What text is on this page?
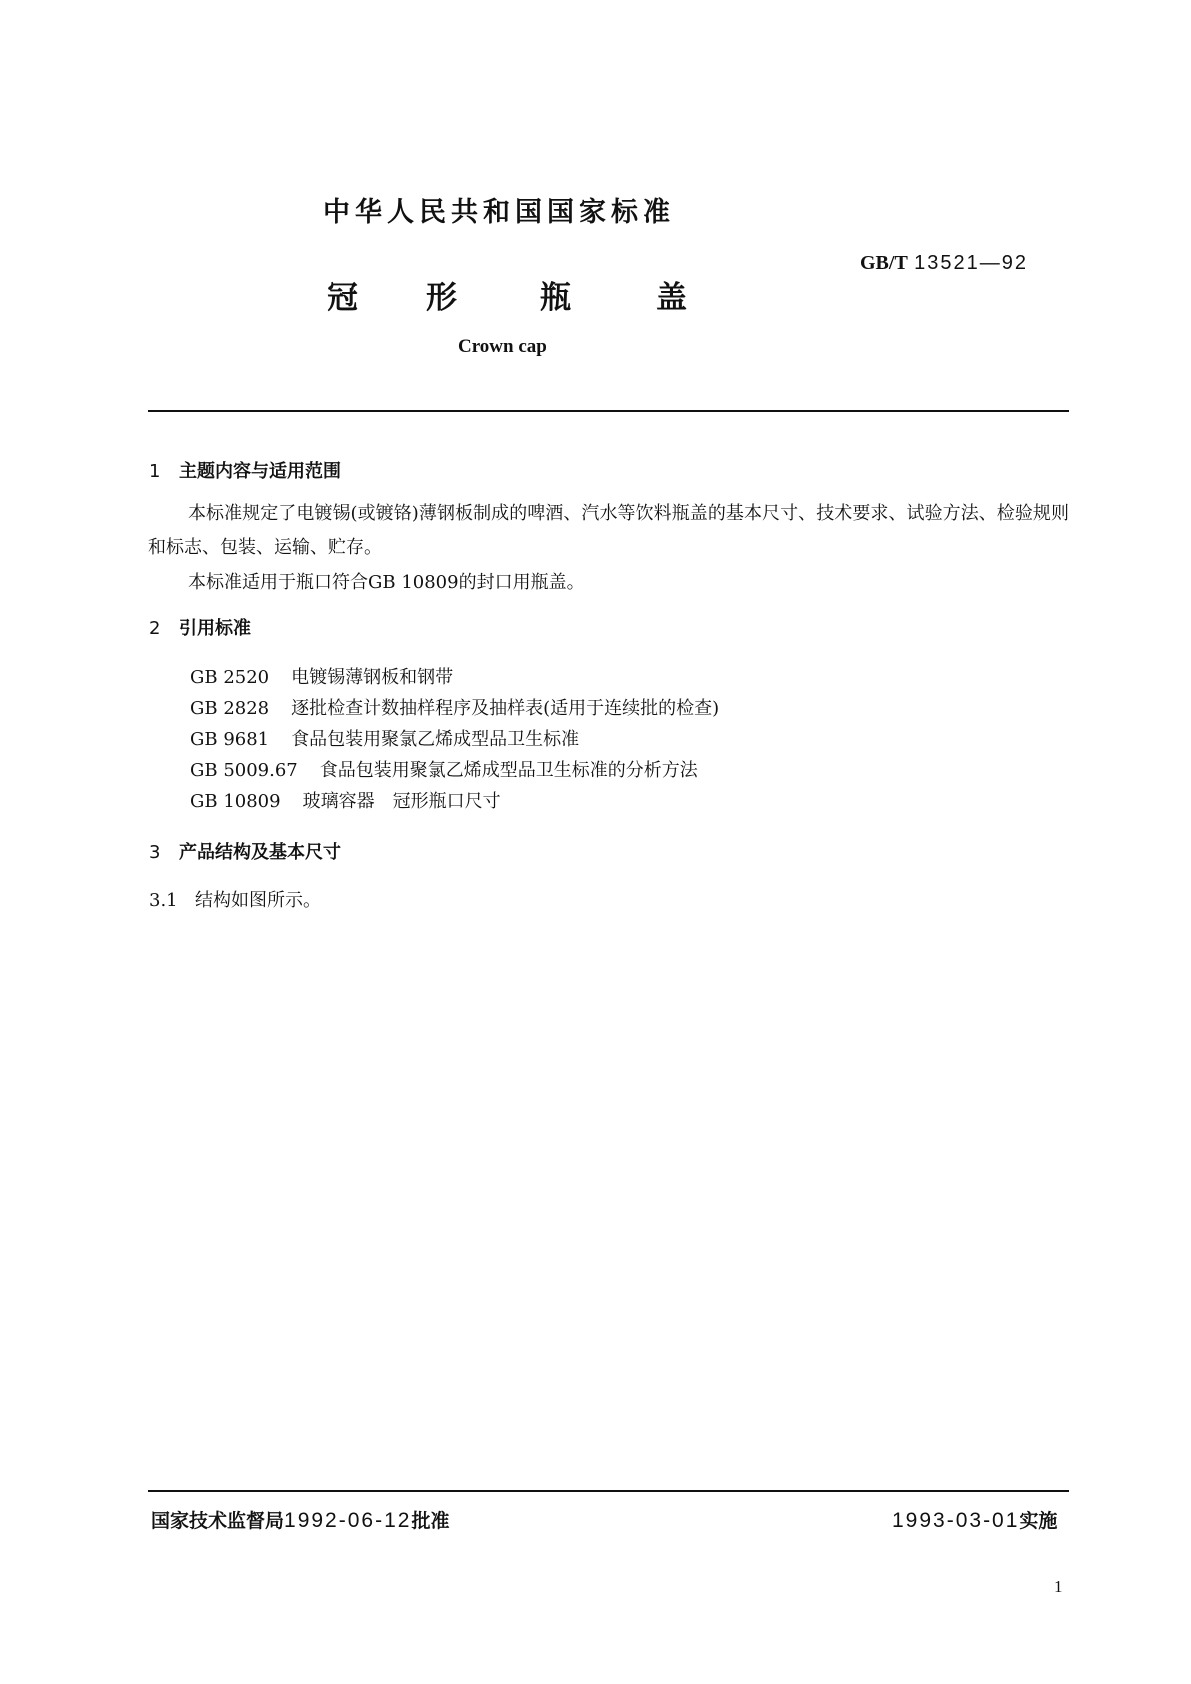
中华人民共和国国家标准
GB/T 13521—92
冠 形	瓶	盖
Crown cap
1 主题内容与适用范围
本标准规定了电镀锡(或镀铬)薄钢板制成的啤酒、汽水等饮料瓶盖的基本尺寸、技术要求、试验方法、检验规则和标志、包装、运输、贮存。
本标准适用于瓶口符合GB 10809的封口用瓶盖。
2 引用标准
GB 2520 电镀锡薄钢板和钢带
GB 2828 逐批检查计数抽样程序及抽样表(适用于连续批的检查)
GB 9681 食品包装用聚氯乙烯成型品卫生标准
GB 5009.67 食品包装用聚氯乙烯成型品卫生标准的分析方法
GB 10809 玻璃容器　冠形瓶口尺寸
3 产品结构及基本尺寸
3.1 结构如图所示。
国家技术监督局1992-06-12批准	1993-03-01实施
1
